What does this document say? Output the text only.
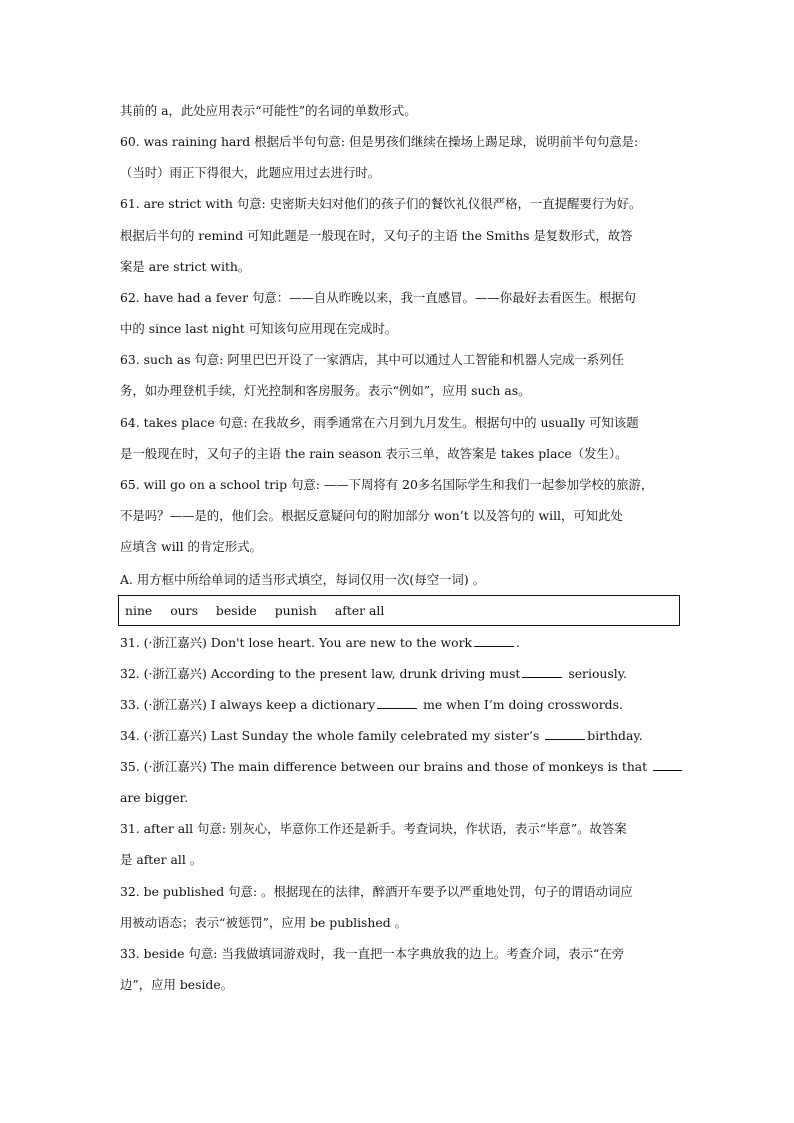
其前的 a，此处应用表示“可能性”的名词的单数形式。
60. was raining hard 根据后半句句意: 但是男孩们继续在操场上踢足球，说明前半句句意是:
（当时）雨正下得很大，此题应用过去进行时。
61. are strict with 句意: 史密斯夫妇对他们的孩子们的餐饮礼仪很严格，一直提醒要行为好。
根据后半句的 remind 可知此题是一般现在时，又句子的主语 the Smiths 是复数形式，故答
案是 are strict with。
62. have had a fever 句意：——自从昨晚以来，我一直感冒。——你最好去看医生。根据句
中的 since last night 可知该句应用现在完成时。
63. such as 句意: 阿里巴巴开设了一家酒店，其中可以通过人工智能和机器人完成一系列任
务，如办理登机手续，灯光控制和客房服务。表示“例如”，应用 such as。
64. takes place 句意: 在我故乡，雨季通常在六月到九月发生。根据句中的 usually 可知该题
是一般现在时，又句子的主语 the rain season 表示三单，故答案是 takes place（发生）。
65. will go on a school trip 句意: ——下周将有 20多名国际学生和我们一起参加学校的旅游，
不是吗？——是的，他们会。根据反意疑问句的附加部分 won’t 以及答句的 will，可知此处
应填含 will 的肯定形式。
A. 用方框中所给单词的适当形式填空，每词仅用一次(每空一词) 。
nine ours beside punish after all
31. (·浙江嘉兴) Don't lose heart. You are new to the work	.
32. (·浙江嘉兴) According to the present law, drunk driving must	seriously.
33. (·浙江嘉兴) I always keep a dictionary	me when I’m doing crosswords.
34. (·浙江嘉兴) Last Sunday the whole family celebrated my sister’s	birthday.
35. (·浙江嘉兴) The main difference between our brains and those of monkeys is that
are bigger.
31. after all 句意: 别灰心，毕意你工作还是新手。考查词块，作状语，表示“毕意”。故答案
是 after all 。
32. be published 句意: 。根据现在的法律，醉酒开车要予以严重地处罚，句子的谓语动词应
用被动语态；表示“被惩罚”，应用 be published 。
33. beside 句意: 当我做填词游戏时，我一直把一本字典放我的边上。考查介词，表示“在旁
边”，应用 beside。
